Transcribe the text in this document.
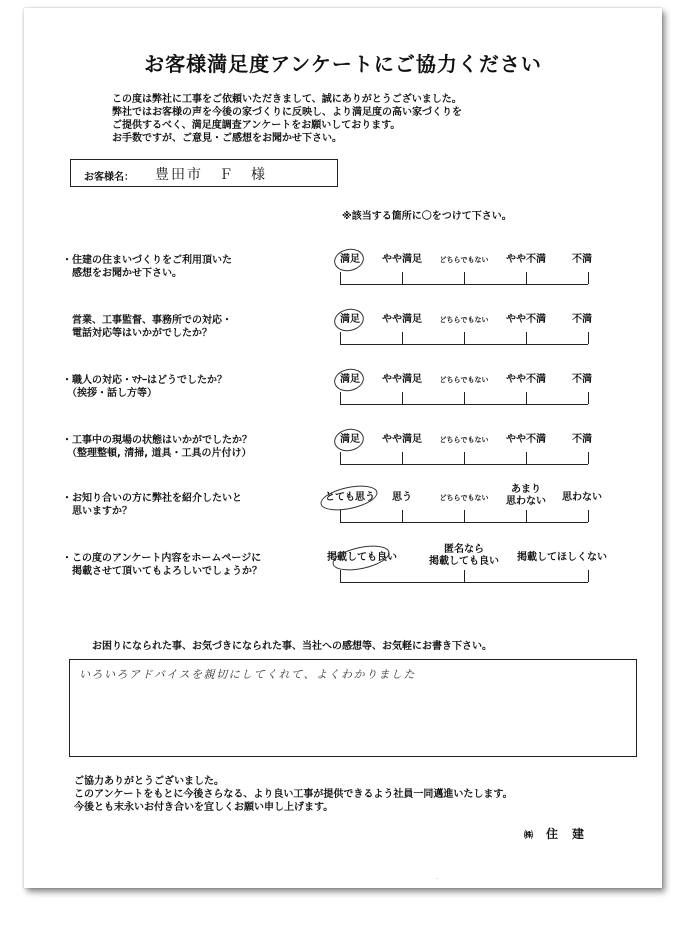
お客様満足度アンケートにご協力ください
この度は弊社に工事をご依頼いただきまして、誠にありがとうございました。
弊社ではお客様の声を今後の家づくりに反映し、より満足度の高い家づくりを
ご提供するべく、満足度調査アンケートをお願いしております。
お手数ですが、ご意見・ご感想をお聞かせ下さい。
お客様名： 豊田市　Ｆ　様
※該当する箇所に〇をつけて下さい。
・住建の住まいづくりをご利用頂いた
　感想をお聞かせ下さい。
満足 やや満足	どちらでもない やや不満	不満
　営業、工事監督、事務所での対応・
　電話対応等はいかがでしたか？
満足 やや満足	どちらでもない やや不満	不満
・職人の対応・ﾏﾅｰはどうでしたか？
　（挨拶・話し方等）
満足 やや満足	どちらでもない やや不満	不満
・工事中の現場の状態はいかがでしたか？
　（整理整頓, 清掃, 道具・工具の片付け）
満足 やや満足	どちらでもない やや不満	不満
・お知り合いの方に弊社を紹介したいと
　思いますか？
とても思う 思う	どちらでもない
あまり
思わない 思わない
・この度のアンケート内容をホームページに
　掲載させて頂いてもよろしいでしょうか？
掲載しても良い
匿名なら
掲載しても良い 掲載してほしくない
お困りになられた事、お気づきになられた事、当社への感想等、お気軽にお書き下さい。
いろいろアドバイスを親切にしてくれて、よくわかりました
ご協力ありがとうございました。
このアンケートをもとに今後さらなる、より良い工事が提供できるよう社員一同邁進いたします。
今後とも末永いお付き合いを宜しくお願い申し上げます。
㈱ 住建
·
